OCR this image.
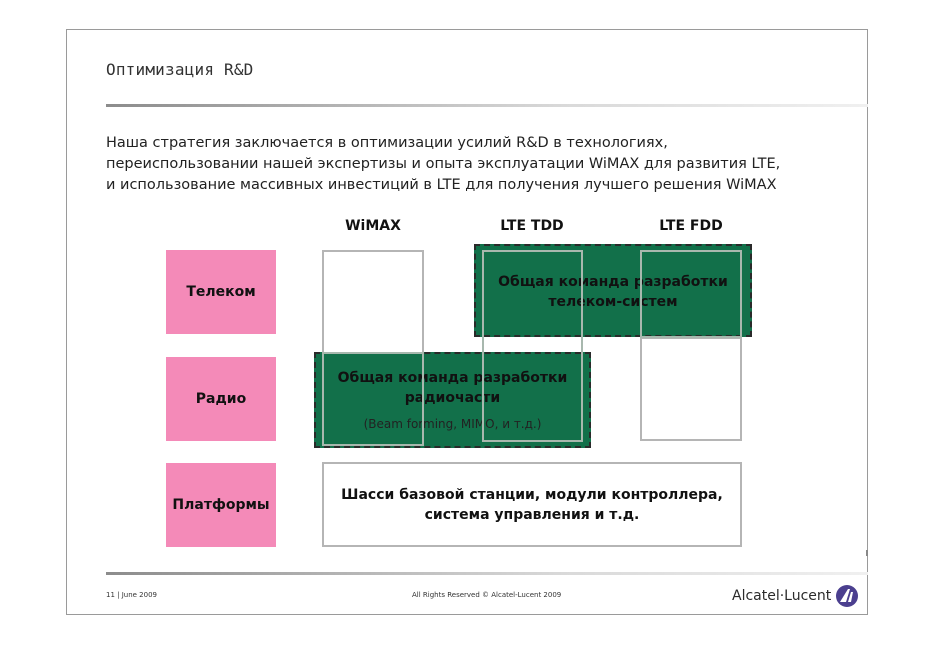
Оптимизация R&D
Наша стратегия заключается в оптимизации усилий R&D в технологиях,
переиспользовании нашей экспертизы и опыта эксплуатации WiMAX для развития LTE,
и использование массивных инвестиций в LTE для получения лучшего решения WiMAX
WiMAX	LTE TDD	LTE FDD
Телеком
Радио
Платформы
Общая команда разработки
телеком-систем
Общая команда разработки
радиочасти
(Beam forming, MIMO, и т.д.)
Шасси базовой станции, модули контроллера,
система управления и т.д.
11 | June 2009	All Rights Reserved © Alcatel-Lucent 2009	Alcatel·Lucent
